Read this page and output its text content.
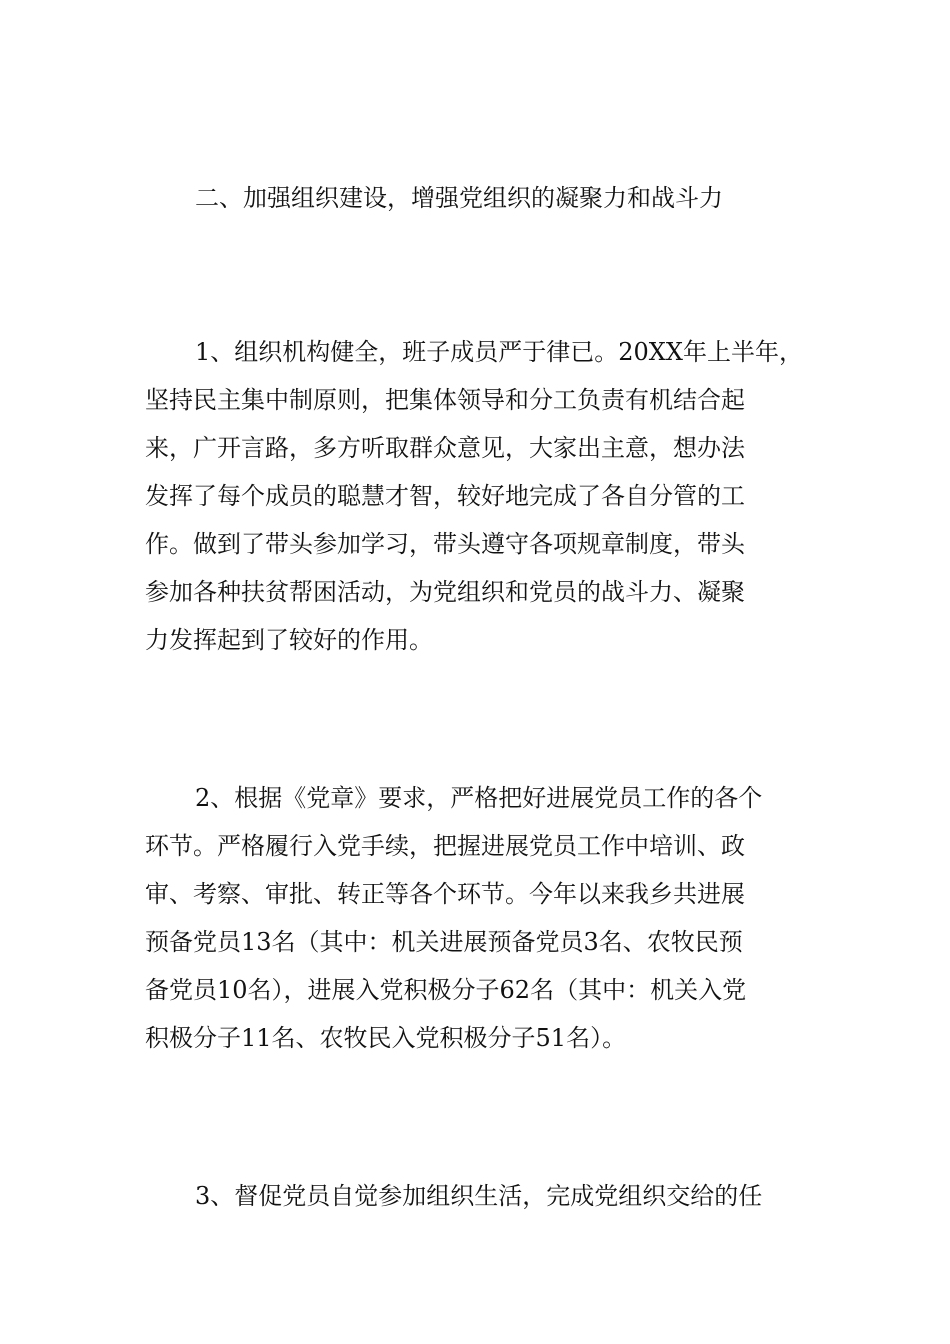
二、加强组织建设，增强党组织的凝聚力和战斗力
1、组织机构健全，班子成员严于律已。20XX年上半年，
坚持民主集中制原则，把集体领导和分工负责有机结合起
来，广开言路，多方听取群众意见，大家出主意，想办法
发挥了每个成员的聪慧才智，较好地完成了各自分管的工
作。做到了带头参加学习，带头遵守各项规章制度，带头
参加各种扶贫帮困活动，为党组织和党员的战斗力、凝聚
力发挥起到了较好的作用。
2、根据《党章》要求，严格把好进展党员工作的各个
环节。严格履行入党手续，把握进展党员工作中培训、政
审、考察、审批、转正等各个环节。今年以来我乡共进展
预备党员13名（其中：机关进展预备党员3名、农牧民预
备党员10名），进展入党积极分子62名（其中：机关入党
积极分子11名、农牧民入党积极分子51名）。
3、督促党员自觉参加组织生活，完成党组织交给的任
